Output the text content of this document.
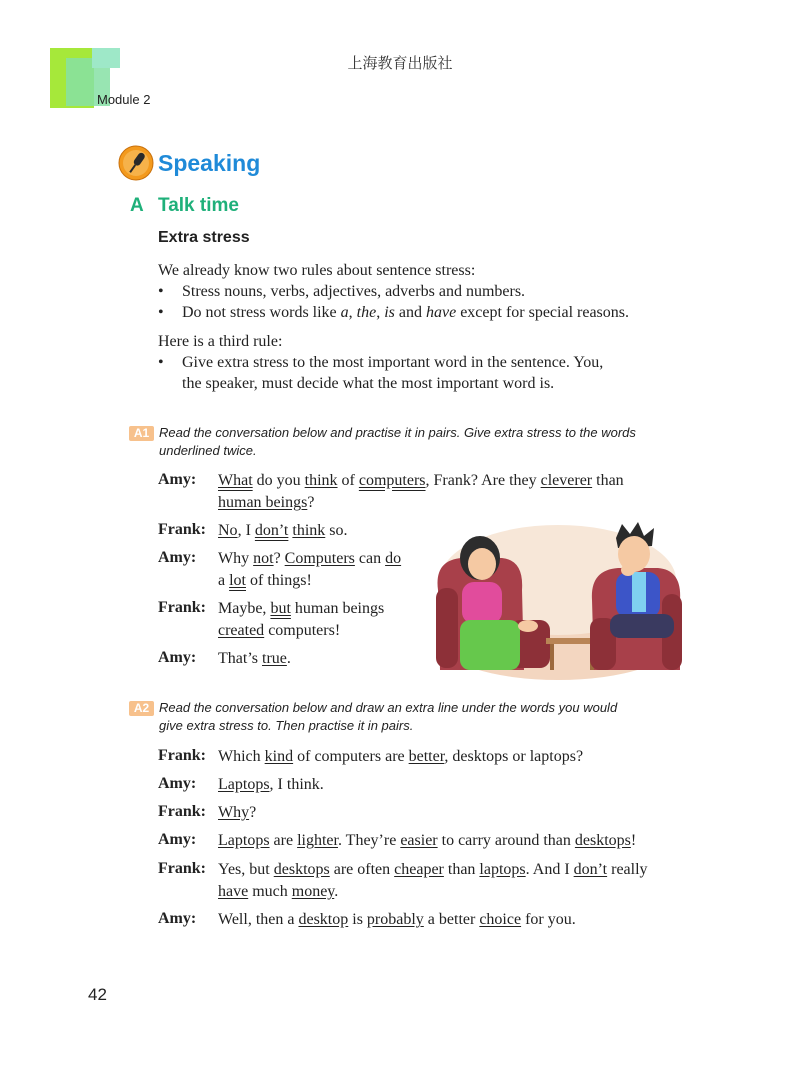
上海教育出版社
Module 2
Speaking
A Talk time
Extra stress
We already know two rules about sentence stress:
• Stress nouns, verbs, adjectives, adverbs and numbers.
• Do not stress words like a, the, is and have except for special reasons.
Here is a third rule:
• Give extra stress to the most important word in the sentence. You,
the speaker, must decide what the most important word is.
A1 Read the conversation below and practise it in pairs. Give extra stress to the words
underlined twice.
Amy: What do you think of computers, Frank? Are they cleverer than
human beings?
Frank: No, I don’t think so.
Amy: Why not? Computers can do
a lot of things!
Frank: Maybe, but human beings
created computers!
Amy: That’s true.
A2 Read the conversation below and draw an extra line under the words you would
give extra stress to. Then practise it in pairs.
Frank: Which kind of computers are better, desktops or laptops?
Amy: Laptops, I think.
Frank: Why?
Amy: Laptops are lighter. They’re easier to carry around than desktops!
Frank: Yes, but desktops are often cheaper than laptops. And I don’t really
have much money.
Amy: Well, then a desktop is probably a better choice for you.
42
